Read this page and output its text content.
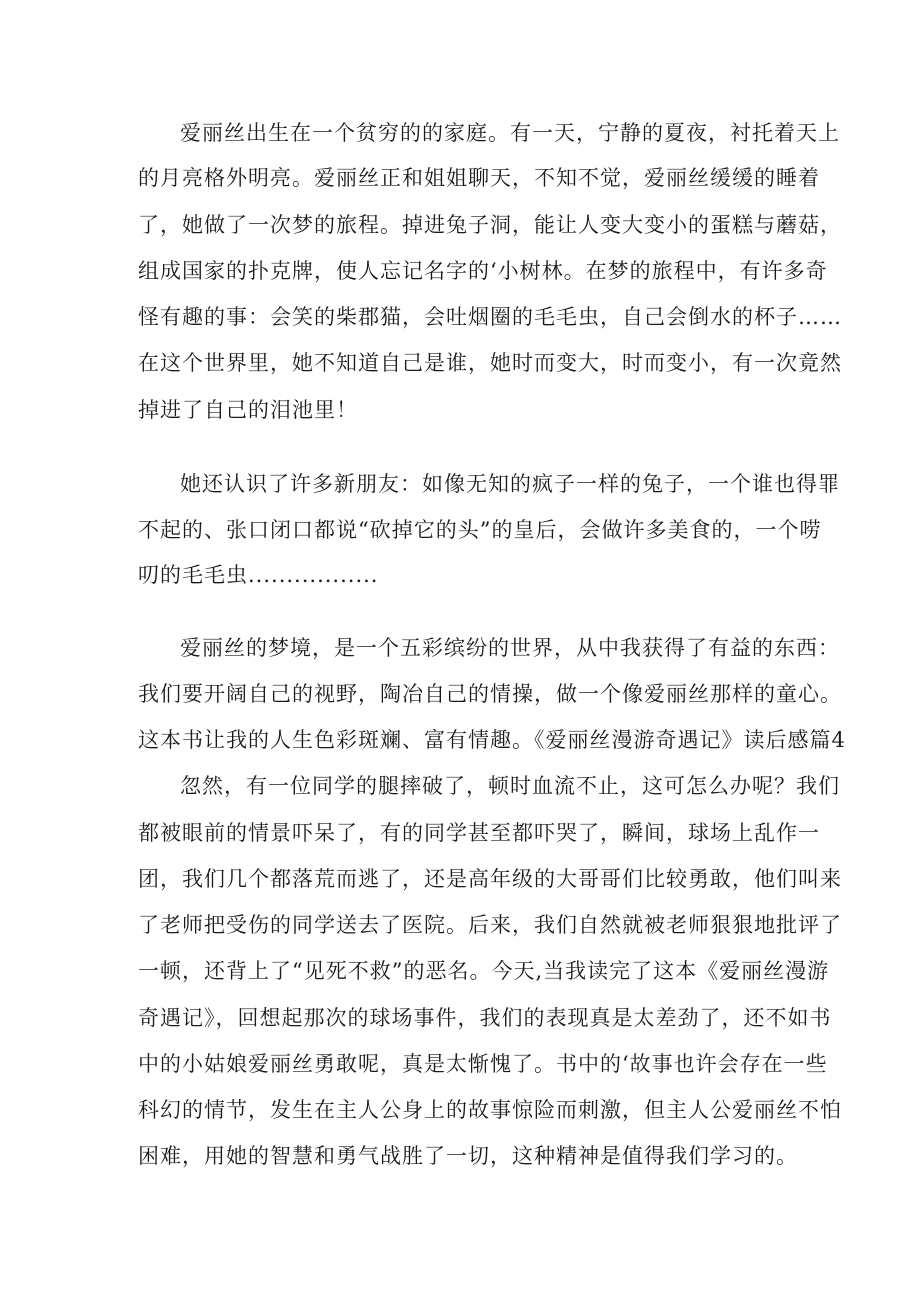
爱丽丝出生在一个贫穷的的家庭。有一天，宁静的夏夜，衬托着天上
的月亮格外明亮。爱丽丝正和姐姐聊天，不知不觉，爱丽丝缓缓的睡着
了，她做了一次梦的旅程。掉进兔子洞，能让人变大变小的蛋糕与蘑菇，
组成国家的扑克牌，使人忘记名字的‘小树林。在梦的旅程中，有许多奇
怪有趣的事：会笑的柴郡猫，会吐烟圈的毛毛虫，自己会倒水的杯子……
在这个世界里，她不知道自己是谁，她时而变大，时而变小，有一次竟然
掉进了自己的泪池里！
她还认识了许多新朋友：如像无知的疯子一样的兔子，一个谁也得罪
不起的、张口闭口都说“砍掉它的头”的皇后，会做许多美食的，一个唠
叨的毛毛虫.................
爱丽丝的梦境，是一个五彩缤纷的世界，从中我获得了有益的东西：
我们要开阔自己的视野，陶冶自己的情操，做一个像爱丽丝那样的童心。
这本书让我的人生色彩斑斓、富有情趣。《爱丽丝漫游奇遇记》读后感篇4
忽然，有一位同学的腿摔破了，顿时血流不止，这可怎么办呢？我们
都被眼前的情景吓呆了，有的同学甚至都吓哭了，瞬间，球场上乱作一
团，我们几个都落荒而逃了，还是高年级的大哥哥们比较勇敢，他们叫来
了老师把受伤的同学送去了医院。后来，我们自然就被老师狠狠地批评了
一顿，还背上了“见死不救”的恶名。今天,当我读完了这本《爱丽丝漫游
奇遇记》，回想起那次的球场事件，我们的表现真是太差劲了，还不如书
中的小姑娘爱丽丝勇敢呢，真是太惭愧了。书中的‘故事也许会存在一些
科幻的情节，发生在主人公身上的故事惊险而刺激，但主人公爱丽丝不怕
困难，用她的智慧和勇气战胜了一切，这种精神是值得我们学习的。
